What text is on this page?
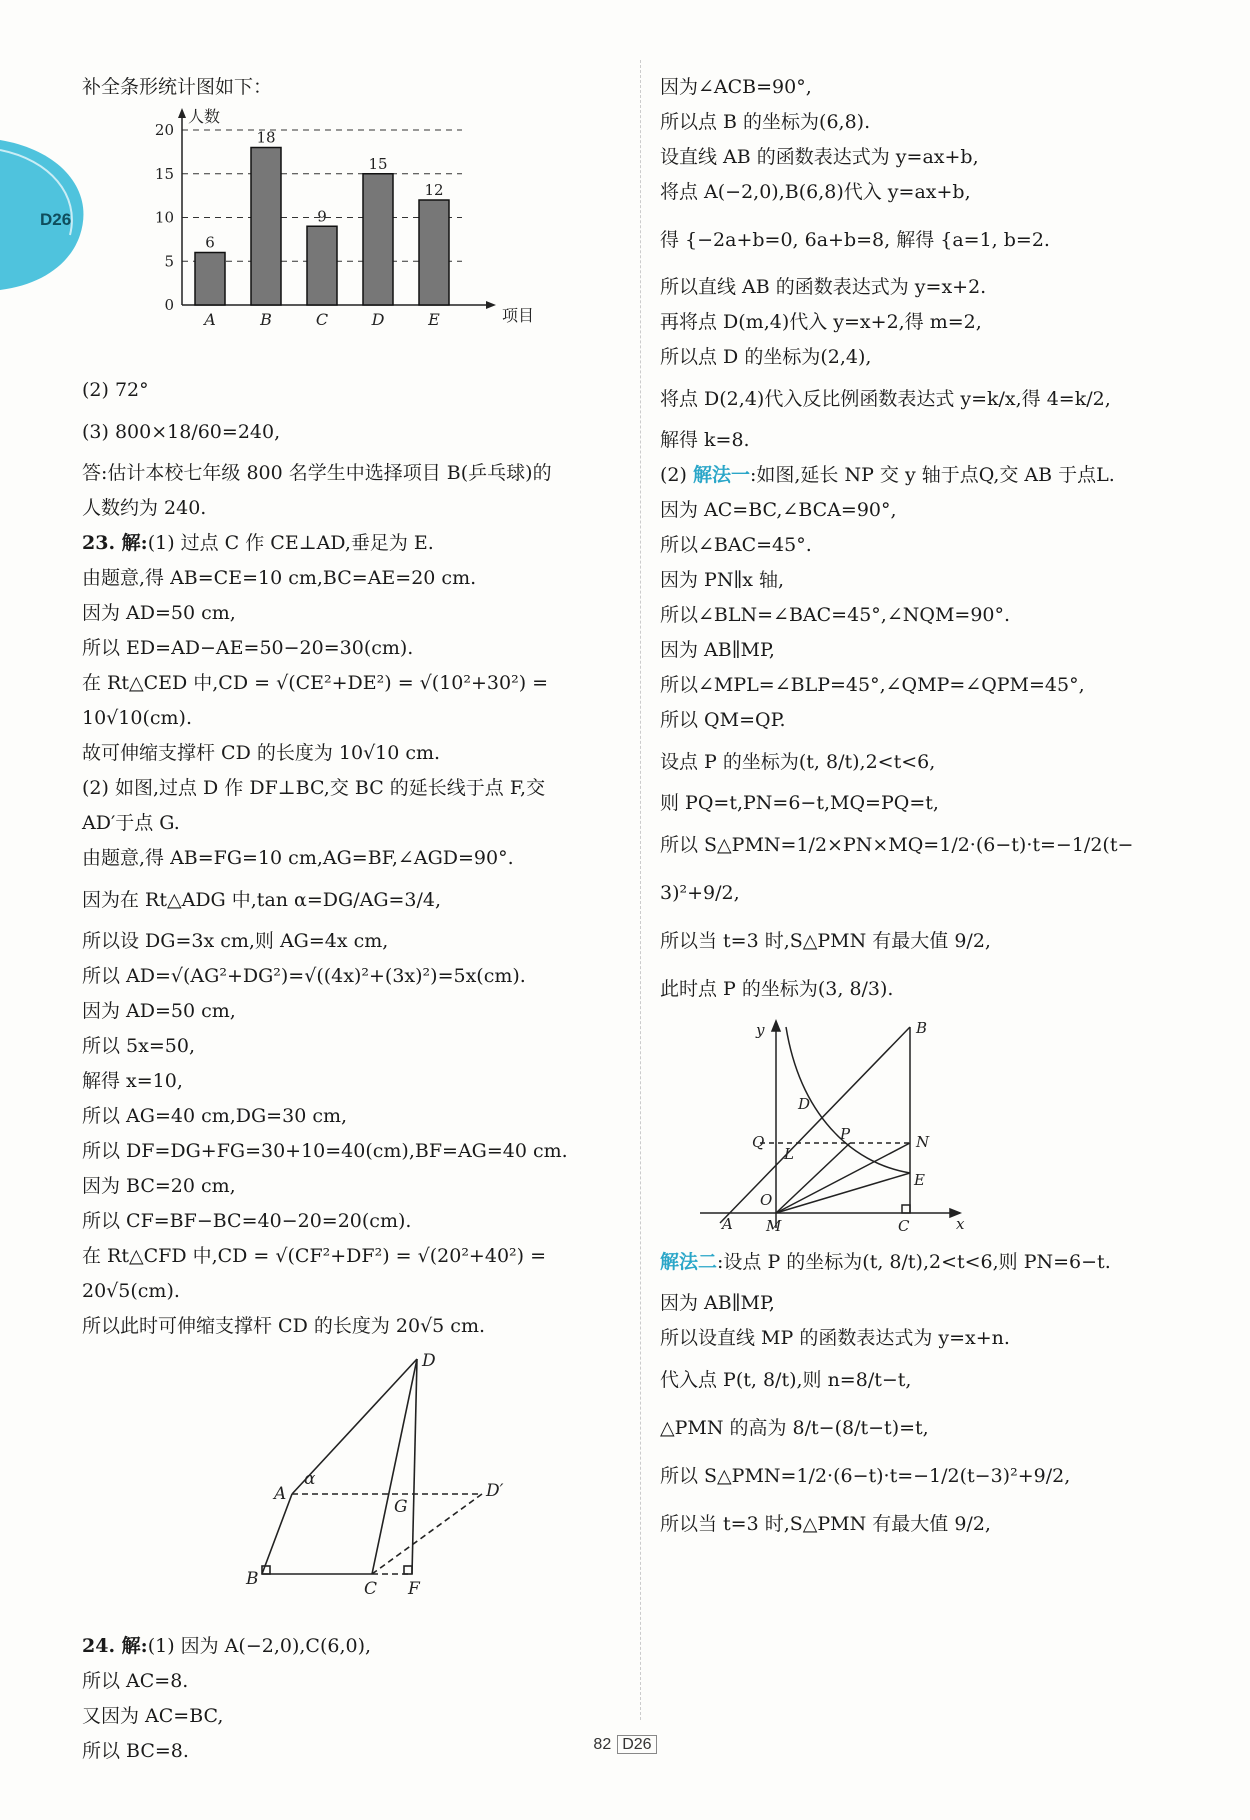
D26
补全条形统计图如下：
0
5
10
15
20
人数
项目
6
A
18
B
9
C
15
D
12
E
(2) 72°
(3) 800×18/60=240,
答:估计本校七年级 800 名学生中选择项目 B(乒乓球)的
人数约为 240.
23. 解:(1) 过点 C 作 CE⊥AD,垂足为 E.
由题意,得 AB=CE=10 cm,BC=AE=20 cm.
因为 AD=50 cm,
所以 ED=AD−AE=50−20=30(cm).
在 Rt△CED 中,CD = √(CE²+DE²) = √(10²+30²) =
10√10(cm).
故可伸缩支撑杆 CD 的长度为 10√10 cm.
(2) 如图,过点 D 作 DF⊥BC,交 BC 的延长线于点 F,交
AD′于点 G.
由题意,得 AB=FG=10 cm,AG=BF,∠AGD=90°.
因为在 Rt△ADG 中,tan α=DG/AG=3/4,
所以设 DG=3x cm,则 AG=4x cm,
所以 AD=√(AG²+DG²)=√((4x)²+(3x)²)=5x(cm).
因为 AD=50 cm,
所以 5x=50,
解得 x=10,
所以 AG=40 cm,DG=30 cm,
所以 DF=DG+FG=30+10=40(cm),BF=AG=40 cm.
因为 BC=20 cm,
所以 CF=BF−BC=40−20=20(cm).
在 Rt△CFD 中,CD = √(CF²+DF²) = √(20²+40²) =
20√5(cm).
所以此时可伸缩支撑杆 CD 的长度为 20√5 cm.
D
A
α
G
D′
B	C F
24. 解:(1) 因为 A(−2,0),C(6,0),
所以 AC=8.
又因为 AC=BC,
所以 BC=8.
因为∠ACB=90°,
所以点 B 的坐标为(6,8).
设直线 AB 的函数表达式为 y=ax+b,
将点 A(−2,0),B(6,8)代入 y=ax+b,
得 {−2a+b=0, 6a+b=8, 解得 {a=1, b=2.
所以直线 AB 的函数表达式为 y=x+2.
再将点 D(m,4)代入 y=x+2,得 m=2,
所以点 D 的坐标为(2,4),
将点 D(2,4)代入反比例函数表达式 y=k/x,得 4=k/2,
解得 k=8.
(2) 解法一:如图,延长 NP 交 y 轴于点Q,交 AB 于点L.
因为 AC=BC,∠BCA=90°,
所以∠BAC=45°.
因为 PN∥x 轴,
所以∠BLN=∠BAC=45°,∠NQM=90°.
因为 AB∥MP,
所以∠MPL=∠BLP=45°,∠QMP=∠QPM=45°,
所以 QM=QP.
设点 P 的坐标为(t, 8/t),2<t<6,
则 PQ=t,PN=6−t,MQ=PQ=t,
所以 S△PMN=1/2×PN×MQ=1/2·(6−t)·t=−1/2(t−
3)²+9/2,
所以当 t=3 时,S△PMN 有最大值 9/2,
此时点 P 的坐标为(3, 8/3).
y	B
D
Q	P	N
L
E
O
A M	C	x
解法二:设点 P 的坐标为(t, 8/t),2<t<6,则 PN=6−t.
因为 AB∥MP,
所以设直线 MP 的函数表达式为 y=x+n.
代入点 P(t, 8/t),则 n=8/t−t,
△PMN 的高为 8/t−(8/t−t)=t,
所以 S△PMN=1/2·(6−t)·t=−1/2(t−3)²+9/2,
所以当 t=3 时,S△PMN 有最大值 9/2,
82 D26
